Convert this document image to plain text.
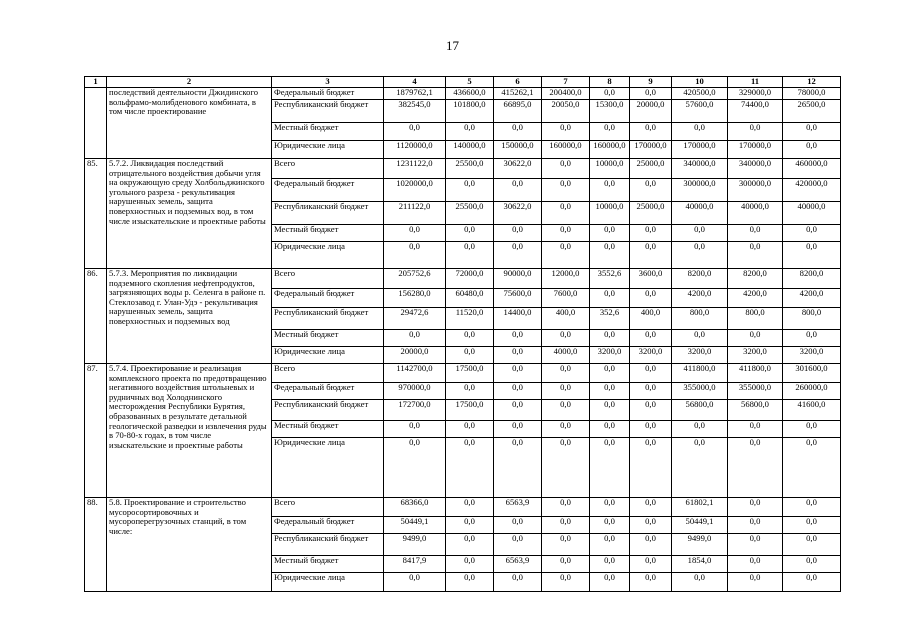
17
1	2	3	4	5	6	7	8	9	10	11	12
	последствий деятельности Джидинского вольфрамо-молибденового комбината, в том числе проектирование	Федеральный бюджет	1879762,1	436600,0	415262,1	200400,0	0,0	0,0	420500,0	329000,0	78000,0
		Республиканский бюджет	382545,0	101800,0	66895,0	20050,0	15300,0	20000,0	57600,0	74400,0	26500,0
		Местный бюджет	0,0	0,0	0,0	0,0	0,0	0,0	0,0	0,0	0,0
		Юридические лица	1120000,0	140000,0	150000,0	160000,0	160000,0	170000,0	170000,0	170000,0	0,0
85.	5.7.2. Ликвидация последствий отрицательного воздействия добычи угля на окружающую среду Холбольджинского угольного разреза - рекультивация нарушенных земель, защита поверхностных и подземных вод, в том числе изыскательские и проектные работы	Всего	1231122,0	25500,0	30622,0	0,0	10000,0	25000,0	340000,0	340000,0	460000,0
		Федеральный бюджет	1020000,0	0,0	0,0	0,0	0,0	0,0	300000,0	300000,0	420000,0
		Республиканский бюджет	211122,0	25500,0	30622,0	0,0	10000,0	25000,0	40000,0	40000,0	40000,0
		Местный бюджет	0,0	0,0	0,0	0,0	0,0	0,0	0,0	0,0	0,0
		Юридические лица	0,0	0,0	0,0	0,0	0,0	0,0	0,0	0,0	0,0
86.	5.7.3. Мероприятия по ликвидации подземного скопления нефтепродуктов, загрязняющих воды р. Селенга в районе п. Стеклозавод г. Улан-Удэ - рекультивация нарушенных земель, защита поверхностных и подземных вод	Всего	205752,6	72000,0	90000,0	12000,0	3552,6	3600,0	8200,0	8200,0	8200,0
		Федеральный бюджет	156280,0	60480,0	75600,0	7600,0	0,0	0,0	4200,0	4200,0	4200,0
		Республиканский бюджет	29472,6	11520,0	14400,0	400,0	352,6	400,0	800,0	800,0	800,0
		Местный бюджет	0,0	0,0	0,0	0,0	0,0	0,0	0,0	0,0	0,0
		Юридические лица	20000,0	0,0	0,0	4000,0	3200,0	3200,0	3200,0	3200,0	3200,0
87.	5.7.4. Проектирование и реализация комплексного проекта по предотвращению негативного воздействия штольневых и рудничных вод Холоднинского месторождения Республики Бурятия, образованных в результате детальной геологической разведки и извлечения руды в 70-80-х годах, в том числе изыскательские и проектные работы	Всего	1142700,0	17500,0	0,0	0,0	0,0	0,0	411800,0	411800,0	301600,0
		Федеральный бюджет	970000,0	0,0	0,0	0,0	0,0	0,0	355000,0	355000,0	260000,0
		Республиканский бюджет	172700,0	17500,0	0,0	0,0	0,0	0,0	56800,0	56800,0	41600,0
		Местный бюджет	0,0	0,0	0,0	0,0	0,0	0,0	0,0	0,0	0,0
		Юридические лица	0,0	0,0	0,0	0,0	0,0	0,0	0,0	0,0	0,0
88.	5.8. Проектирование и строительство мусоросортировочных и мусороперегрузочных станций, в том числе:	Всего	68366,0	0,0	6563,9	0,0	0,0	0,0	61802,1	0,0	0,0
		Федеральный бюджет	50449,1	0,0	0,0	0,0	0,0	0,0	50449,1	0,0	0,0
		Республиканский бюджет	9499,0	0,0	0,0	0,0	0,0	0,0	9499,0	0,0	0,0
		Местный бюджет	8417,9	0,0	6563,9	0,0	0,0	0,0	1854,0	0,0	0,0
		Юридические лица	0,0	0,0	0,0	0,0	0,0	0,0	0,0	0,0	0,0
